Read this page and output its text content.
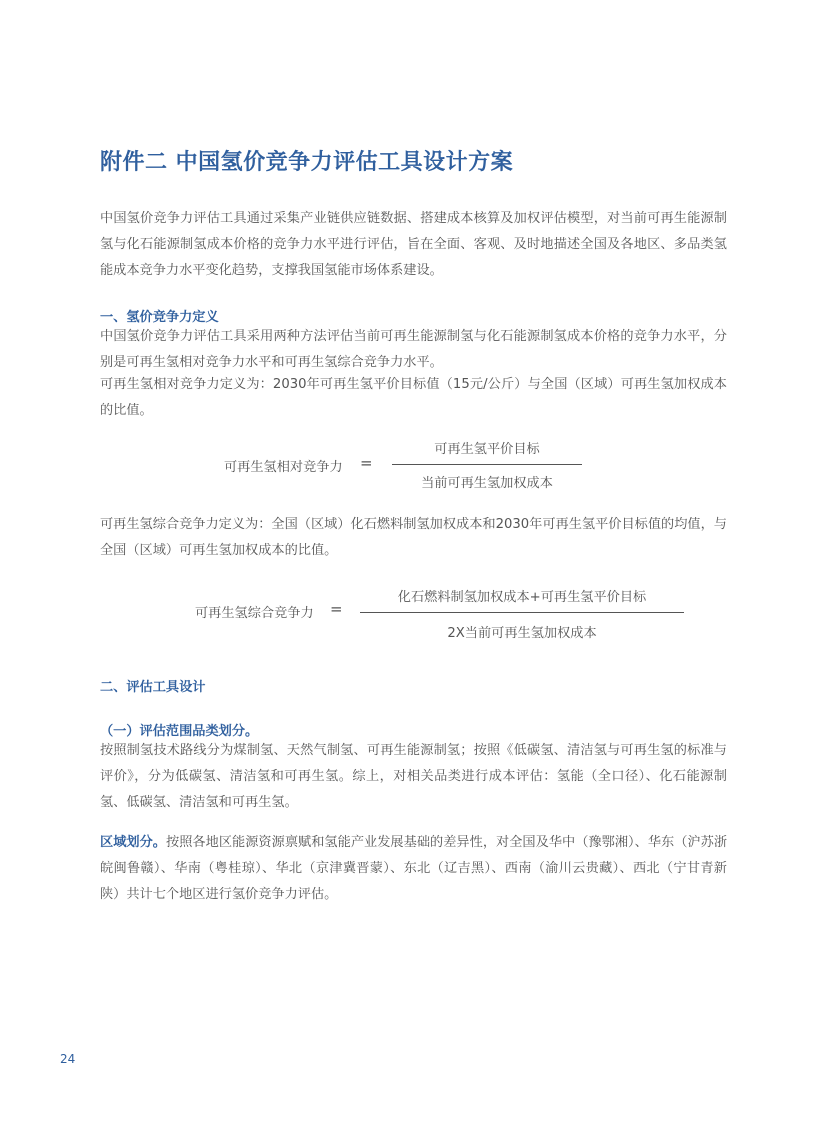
附件二 中国氢价竞争力评估工具设计方案

中国氢价竞争力评估工具通过采集产业链供应链数据、搭建成本核算及加权评估模型，对当前可再生能源制氢与化石能源制氢成本价格的竞争力水平进行评估，旨在全面、客观、及时地描述全国及各地区、多品类氢能成本竞争力水平变化趋势，支撑我国氢能市场体系建设。

一、氢价竞争力定义

中国氢价竞争力评估工具采用两种方法评估当前可再生能源制氢与化石能源制氢成本价格的竞争力水平，分别是可再生氢相对竞争力水平和可再生氢综合竞争力水平。

可再生氢相对竞争力定义为：2030年可再生氢平价目标值（15元/公斤）与全国（区域）可再生氢加权成本的比值。

可再生氢相对竞争力 =
可再生氢平价目标
当前可再生氢加权成本

可再生氢综合竞争力定义为：全国（区域）化石燃料制氢加权成本和2030年可再生氢平价目标值的均值，与全国（区域）可再生氢加权成本的比值。

可再生氢综合竞争力 =
化石燃料制氢加权成本+可再生氢平价目标
2X当前可再生氢加权成本
二、评估工具设计
（一）评估范围品类划分。

按照制氢技术路线分为煤制氢、天然气制氢、可再生能源制氢；按照《低碳氢、清洁氢与可再生氢的标准与评价》，分为低碳氢、清洁氢和可再生氢。综上，对相关品类进行成本评估：氢能（全口径）、化石能源制氢、低碳氢、清洁氢和可再生氢。

区域划分。按照各地区能源资源禀赋和氢能产业发展基础的差异性，对全国及华中（豫鄂湘）、华东（沪苏浙皖闽鲁赣）、华南（粤桂琼）、华北（京津冀晋蒙）、东北（辽吉黑）、西南（渝川云贵藏）、西北（宁甘青新陕）共计七个地区进行氢价竞争力评估。

24
